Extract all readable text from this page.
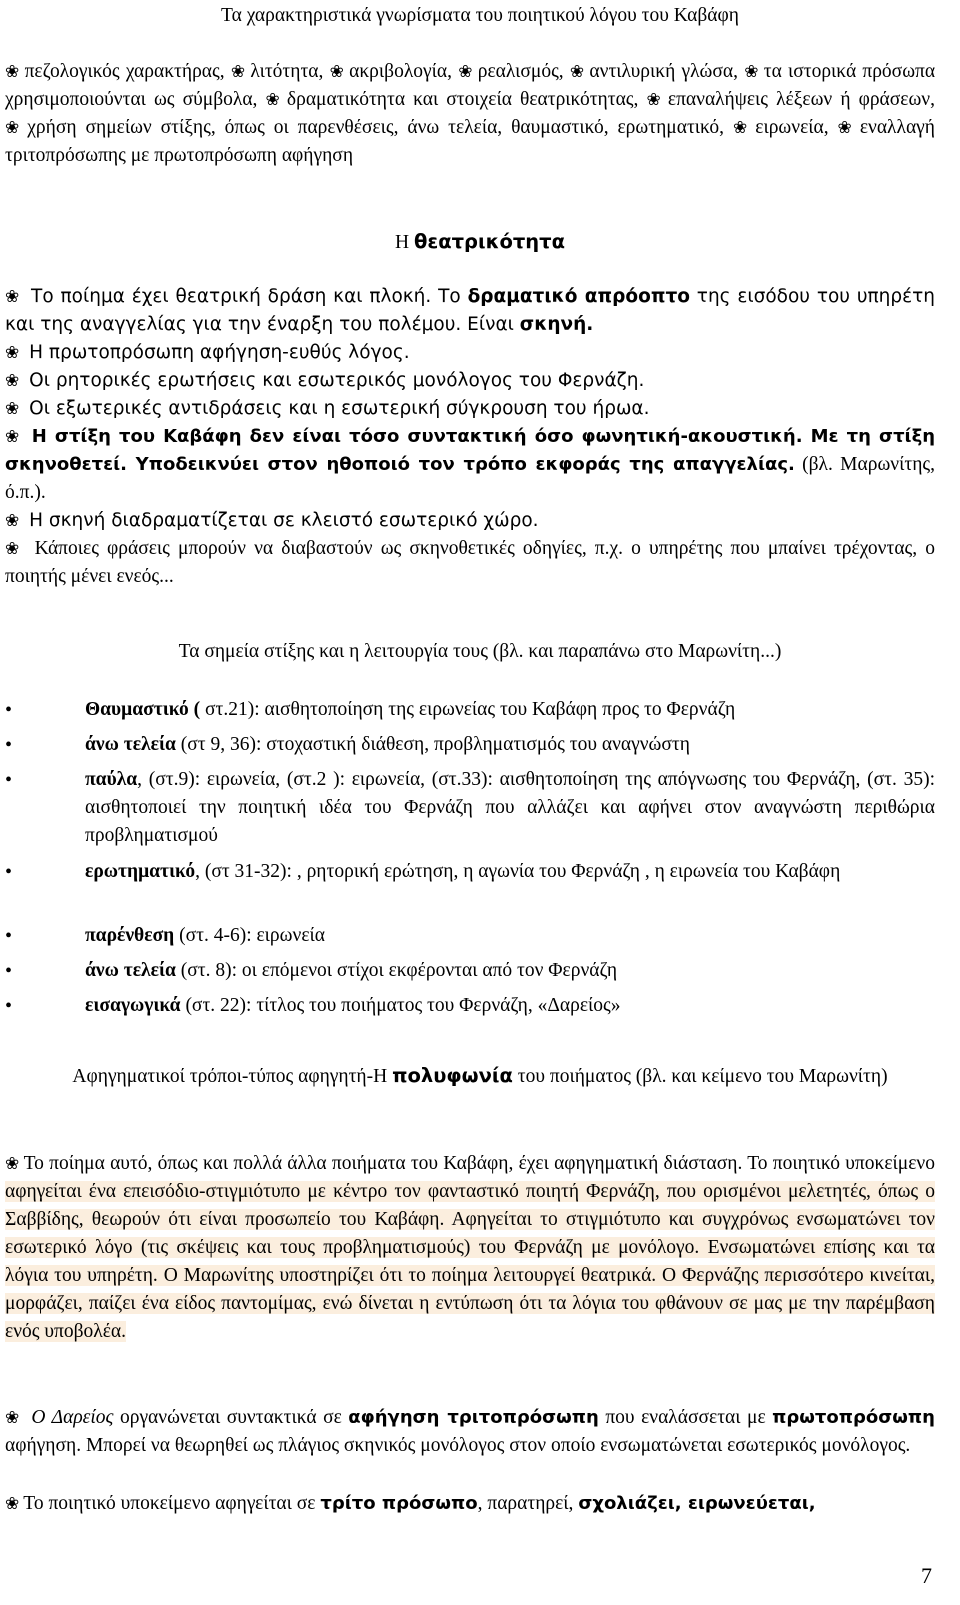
Τα χαρακτηριστικά γνωρίσματα του ποιητικού λόγου του Καβάφη
❀ πεζολογικός χαρακτήρας, ❀ λιτότητα, ❀ ακριβολογία, ❀ ρεαλισμός, ❀ αντιλυρική γλώσα, ❀ τα ιστορικά πρόσωπα χρησιμοποιούνται ως σύμβολα, ❀ δραματικότητα και στοιχεία θεατρικότητας, ❀ επαναλήψεις λέξεων ή φράσεων, ❀ χρήση σημείων στίξης, όπως οι παρενθέσεις, άνω τελεία, θαυμαστικό, ερωτηματικό, ❀ ειρωνεία, ❀ εναλλαγή τριτοπρόσωπης με πρωτοπρόσωπη αφήγηση
Η θεατρικότητα
❀ Το ποίημα έχει θεατρική δράση και πλοκή. Το δραματικό απρόοπτο της εισόδου του υπηρέτη και της αναγγελίας για την έναρξη του πολέμου. Είναι σκηνή.
❀ Η πρωτοπρόσωπη αφήγηση-ευθύς λόγος.
❀ Οι ρητορικές ερωτήσεις και εσωτερικός μονόλογος του Φερνάζη.
❀ Οι εξωτερικές αντιδράσεις και η εσωτερική σύγκρουση του ήρωα.
❀ Η στίξη του Καβάφη δεν είναι τόσο συντακτική όσο φωνητική-ακουστική. Με τη στίξη σκηνοθετεί. Υποδεικνύει στον ηθοποιό τον τρόπο εκφοράς της απαγγελίας. (βλ. Μαρωνίτης, ό.π.).
❀ Η σκηνή διαδραματίζεται σε κλειστό εσωτερικό χώρο.
❀ Κάποιες φράσεις μπορούν να διαβαστούν ως σκηνοθετικές οδηγίες, π.χ. ο υπηρέτης που μπαίνει τρέχοντας, ο ποιητής μένει ενεός...
Τα σημεία στίξης και η λειτουργία τους (βλ. και παραπάνω στο Μαρωνίτη...)
•	Θαυμαστικό ( στ.21): αισθητοποίηση της ειρωνείας του Καβάφη προς το Φερνάζη
•	άνω τελεία (στ 9, 36): στοχαστική διάθεση, προβληματισμός του αναγνώστη
•	παύλα, (στ.9): ειρωνεία, (στ.2 ): ειρωνεία, (στ.33): αισθητοποίηση της απόγνωσης του Φερνάζη, (στ. 35): αισθητοποιεί την ποιητική ιδέα του Φερνάζη που αλλάζει και αφήνει στον αναγνώστη περιθώρια προβληματισμού
•	ερωτηματικό, (στ 31-32): , ρητορική ερώτηση, η αγωνία του Φερνάζη , η ειρωνεία του Καβάφη
•	παρένθεση (στ. 4-6): ειρωνεία
•	άνω τελεία (στ. 8): οι επόμενοι στίχοι εκφέρονται από τον Φερνάζη
•	εισαγωγικά (στ. 22): τίτλος του ποιήματος του Φερνάζη, «Δαρείος»
Αφηγηματικοί τρόποι-τύπος αφηγητή-Η πολυφωνία του ποιήματος (βλ. και κείμενο του Μαρωνίτη)
❀ Το ποίημα αυτό, όπως και πολλά άλλα ποιήματα του Καβάφη, έχει αφηγηματική διάσταση. Το ποιητικό υποκείμενο αφηγείται ένα επεισόδιο-στιγμιότυπο με κέντρο τον φανταστικό ποιητή Φερνάζη, που ορισμένοι μελετητές, όπως ο Σαββίδης, θεωρούν ότι είναι προσωπείο του Καβάφη. Αφηγείται το στιγμιότυπο και συγχρόνως ενσωματώνει τον εσωτερικό λόγο (τις σκέψεις και τους προβληματισμούς) του Φερνάζη με μονόλογο. Ενσωματώνει επίσης και τα λόγια του υπηρέτη. Ο Μαρωνίτης υποστηρίζει ότι το ποίημα λειτουργεί θεατρικά. Ο Φερνάζης περισσότερο κινείται, μορφάζει, παίζει ένα είδος παντομίμας, ενώ δίνεται η εντύπωση ότι τα λόγια του φθάνουν σε μας με την παρέμβαση ενός υποβολέα.
❀ Ο Δαρείος οργανώνεται συντακτικά σε αφήγηση τριτοπρόσωπη που εναλάσσεται με πρωτοπρόσωπη αφήγηση. Μπορεί να θεωρηθεί ως πλάγιος σκηνικός μονόλογος στον οποίο ενσωματώνεται εσωτερικός μονόλογος.
❀ Το ποιητικό υποκείμενο αφηγείται σε τρίτο πρόσωπο, παρατηρεί, σχολιάζει, ειρωνεύεται,
7
